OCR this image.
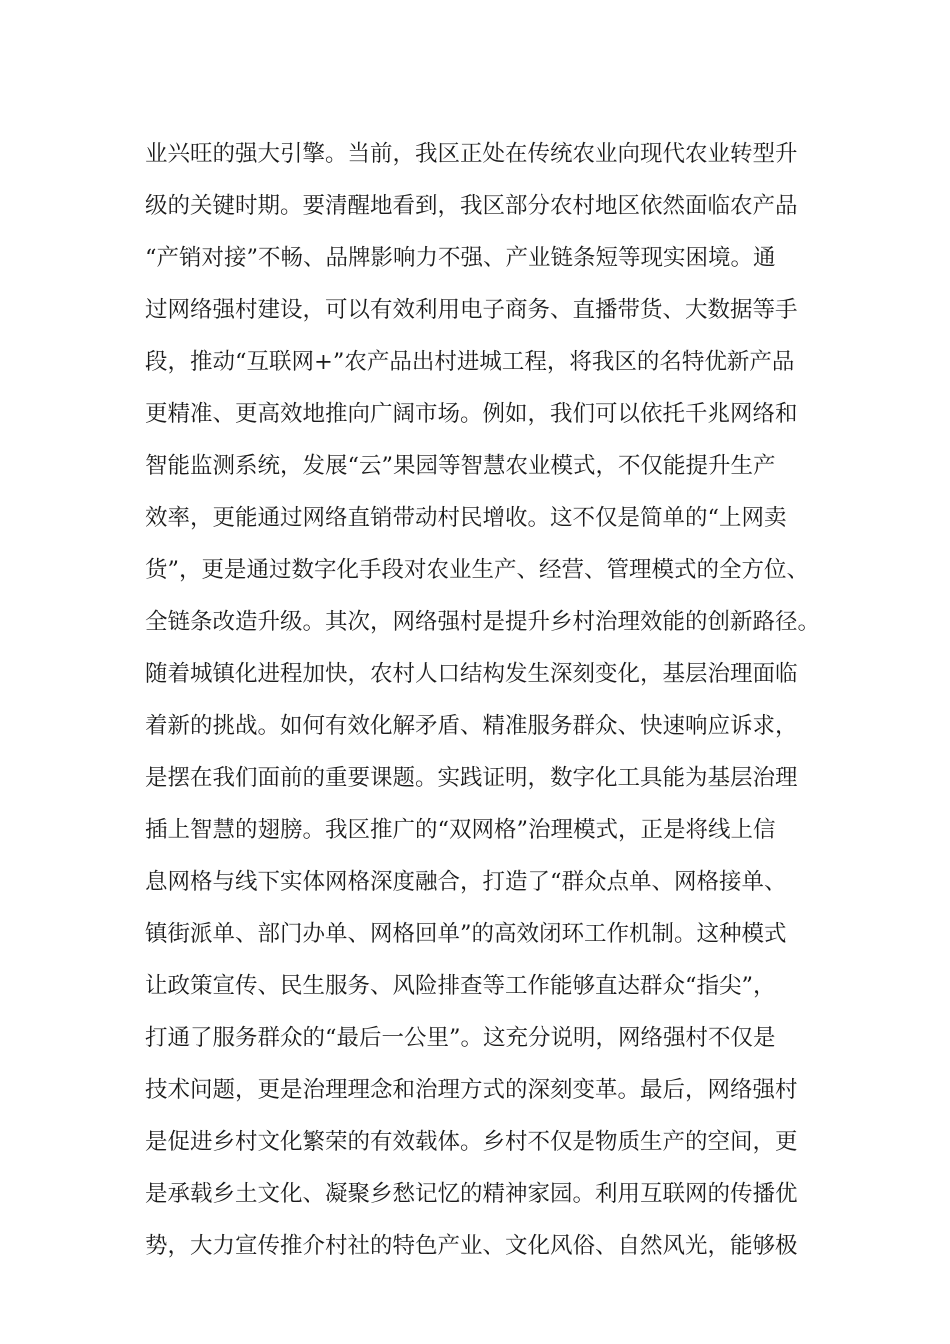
业兴旺的强大引擎。当前，我区正处在传统农业向现代农业转型升
级的关键时期。要清醒地看到，我区部分农村地区依然面临农产品
“产销对接”不畅、品牌影响力不强、产业链条短等现实困境。通
过网络强村建设，可以有效利用电子商务、直播带货、大数据等手
段，推动“互联网+”农产品出村进城工程，将我区的名特优新产品
更精准、更高效地推向广阔市场。例如，我们可以依托千兆网络和
智能监测系统，发展“云”果园等智慧农业模式，不仅能提升生产
效率，更能通过网络直销带动村民增收。这不仅是简单的“上网卖
货”，更是通过数字化手段对农业生产、经营、管理模式的全方位、
全链条改造升级。其次，网络强村是提升乡村治理效能的创新路径。
随着城镇化进程加快，农村人口结构发生深刻变化，基层治理面临
着新的挑战。如何有效化解矛盾、精准服务群众、快速响应诉求，
是摆在我们面前的重要课题。实践证明，数字化工具能为基层治理
插上智慧的翅膀。我区推广的“双网格”治理模式，正是将线上信
息网格与线下实体网格深度融合，打造了“群众点单、网格接单、
镇街派单、部门办单、网格回单”的高效闭环工作机制。这种模式
让政策宣传、民生服务、风险排查等工作能够直达群众“指尖”，
打通了服务群众的“最后一公里”。这充分说明，网络强村不仅是
技术问题，更是治理理念和治理方式的深刻变革。最后，网络强村
是促进乡村文化繁荣的有效载体。乡村不仅是物质生产的空间，更
是承载乡土文化、凝聚乡愁记忆的精神家园。利用互联网的传播优
势，大力宣传推介村社的特色产业、文化风俗、自然风光，能够极
